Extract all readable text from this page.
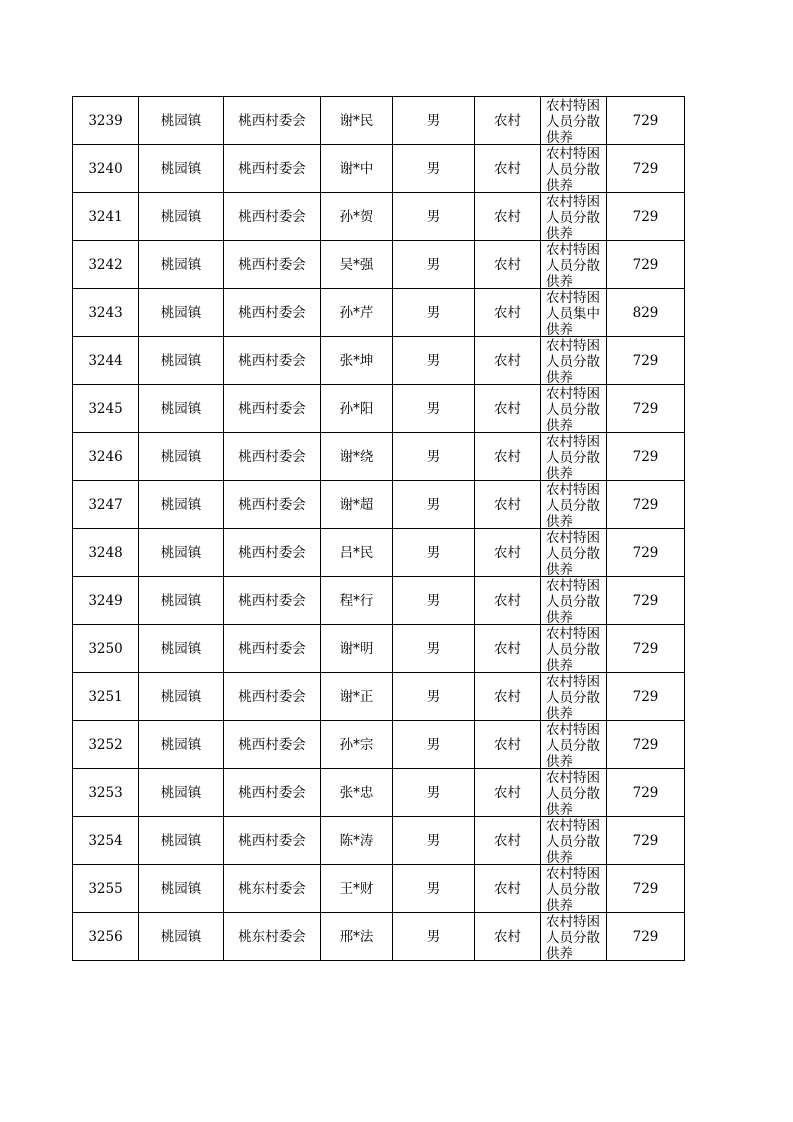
3239	桃园镇	桃西村委会	谢*民	男	农村	农村特困人员分散供养	729
3240	桃园镇	桃西村委会	谢*中	男	农村	农村特困人员分散供养	729
3241	桃园镇	桃西村委会	孙*贺	男	农村	农村特困人员分散供养	729
3242	桃园镇	桃西村委会	吴*强	男	农村	农村特困人员分散供养	729
3243	桃园镇	桃西村委会	孙*芹	男	农村	农村特困人员集中供养	829
3244	桃园镇	桃西村委会	张*坤	男	农村	农村特困人员分散供养	729
3245	桃园镇	桃西村委会	孙*阳	男	农村	农村特困人员分散供养	729
3246	桃园镇	桃西村委会	谢*绕	男	农村	农村特困人员分散供养	729
3247	桃园镇	桃西村委会	谢*超	男	农村	农村特困人员分散供养	729
3248	桃园镇	桃西村委会	吕*民	男	农村	农村特困人员分散供养	729
3249	桃园镇	桃西村委会	程*行	男	农村	农村特困人员分散供养	729
3250	桃园镇	桃西村委会	谢*明	男	农村	农村特困人员分散供养	729
3251	桃园镇	桃西村委会	谢*正	男	农村	农村特困人员分散供养	729
3252	桃园镇	桃西村委会	孙*宗	男	农村	农村特困人员分散供养	729
3253	桃园镇	桃西村委会	张*忠	男	农村	农村特困人员分散供养	729
3254	桃园镇	桃西村委会	陈*涛	男	农村	农村特困人员分散供养	729
3255	桃园镇	桃东村委会	王*财	男	农村	农村特困人员分散供养	729
3256	桃园镇	桃东村委会	邢*法	男	农村	农村特困人员分散供养	729
